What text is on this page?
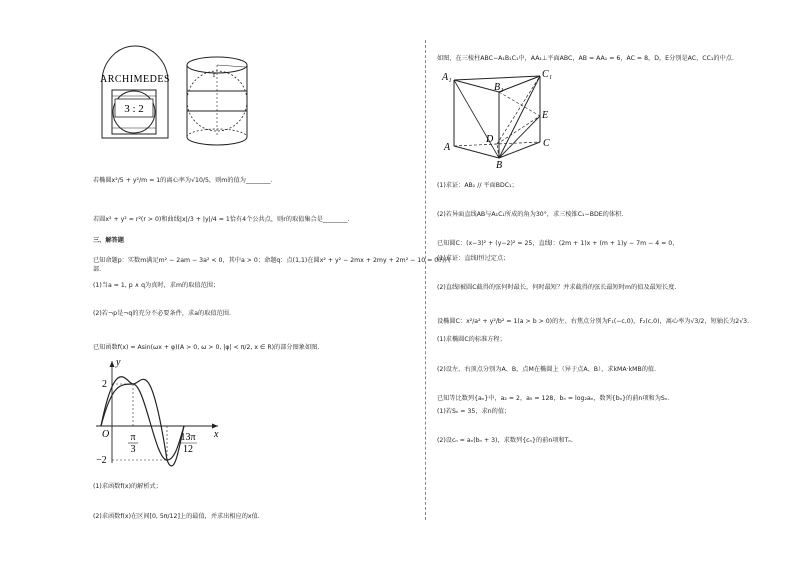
ARCHIMEDES
3 : 2
r
若椭圆x²/5 + y²/m = 1的离心率为√10/5，则m的值为________.
若圆x² + y² = r²(r > 0)和曲线|x|/3 + |y|/4 = 1恰有4个公共点，则r的取值集合是________.
三、解答题
已知命题p：实数m满足m² − 2am − 3a² < 0，其中a > 0；命题q：点(1,1)在圆x² + y² − 2mx + 2my + 2m² − 10 = 0的内
部.
(1)当a = 1, p ∧ q为真时，求m的取值范围；
(2)若¬p是¬q的充分不必要条件，求a的取值范围.
已知函数f(x) = Asin(ωx + φ)(A > 0, ω > 0, |φ| < π/2, x ∈ R)的部分图象如图.
y
x
O
2
−2
π
3
13π
12
(1)求函数f(x)的解析式；
(2)求函数f(x)在区间[0, 5π/12]上的最值，并求出相应的x值.
如图，在三棱柱ABC−A₁B₁C₁中，AA₁⊥平面ABC，AB = AA₁ = 6，AC = 8，D，E分别是AC，CC₁的中点.
A₁	C₁
B₁
A	C
B
D
E
(1)求证：AB₁ // 平面BDC₁；
(2)若异面直线AB与A₁C₁所成的角为30°，求三棱锥C₁−BDE的体积.
已知圆C：(x−3)² + (y−2)² = 25，直线l：(2m + 1)x + (m + 1)y − 7m − 4 = 0，
(1)求证：直线l恒过定点；
(2)直线l被圆C截得的弦何时最长，何时最短？并求截得的弦长最短时m的值及最短长度.
设椭圆C：x²/a² + y²/b² = 1(a > b > 0)的左、右焦点分别为F₁(−c,0)，F₂(c,0)，离心率为√3/2，短轴长为2√3.
(1)求椭圆C的标准方程；
(2)设左、右顶点分别为A、B，点M在椭圆上（异于点A、B），求kMA·kMB的值.
已知等比数列{aₙ}中，a₂ = 2，a₅ = 128，bₙ = log₂aₙ，数列{bₙ}的前n项和为Sₙ.
(1)若Sₙ = 35，求n的值；
(2)设cₙ = aₙ(bₙ + 3)，求数列{cₙ}的前n项和Tₙ.
